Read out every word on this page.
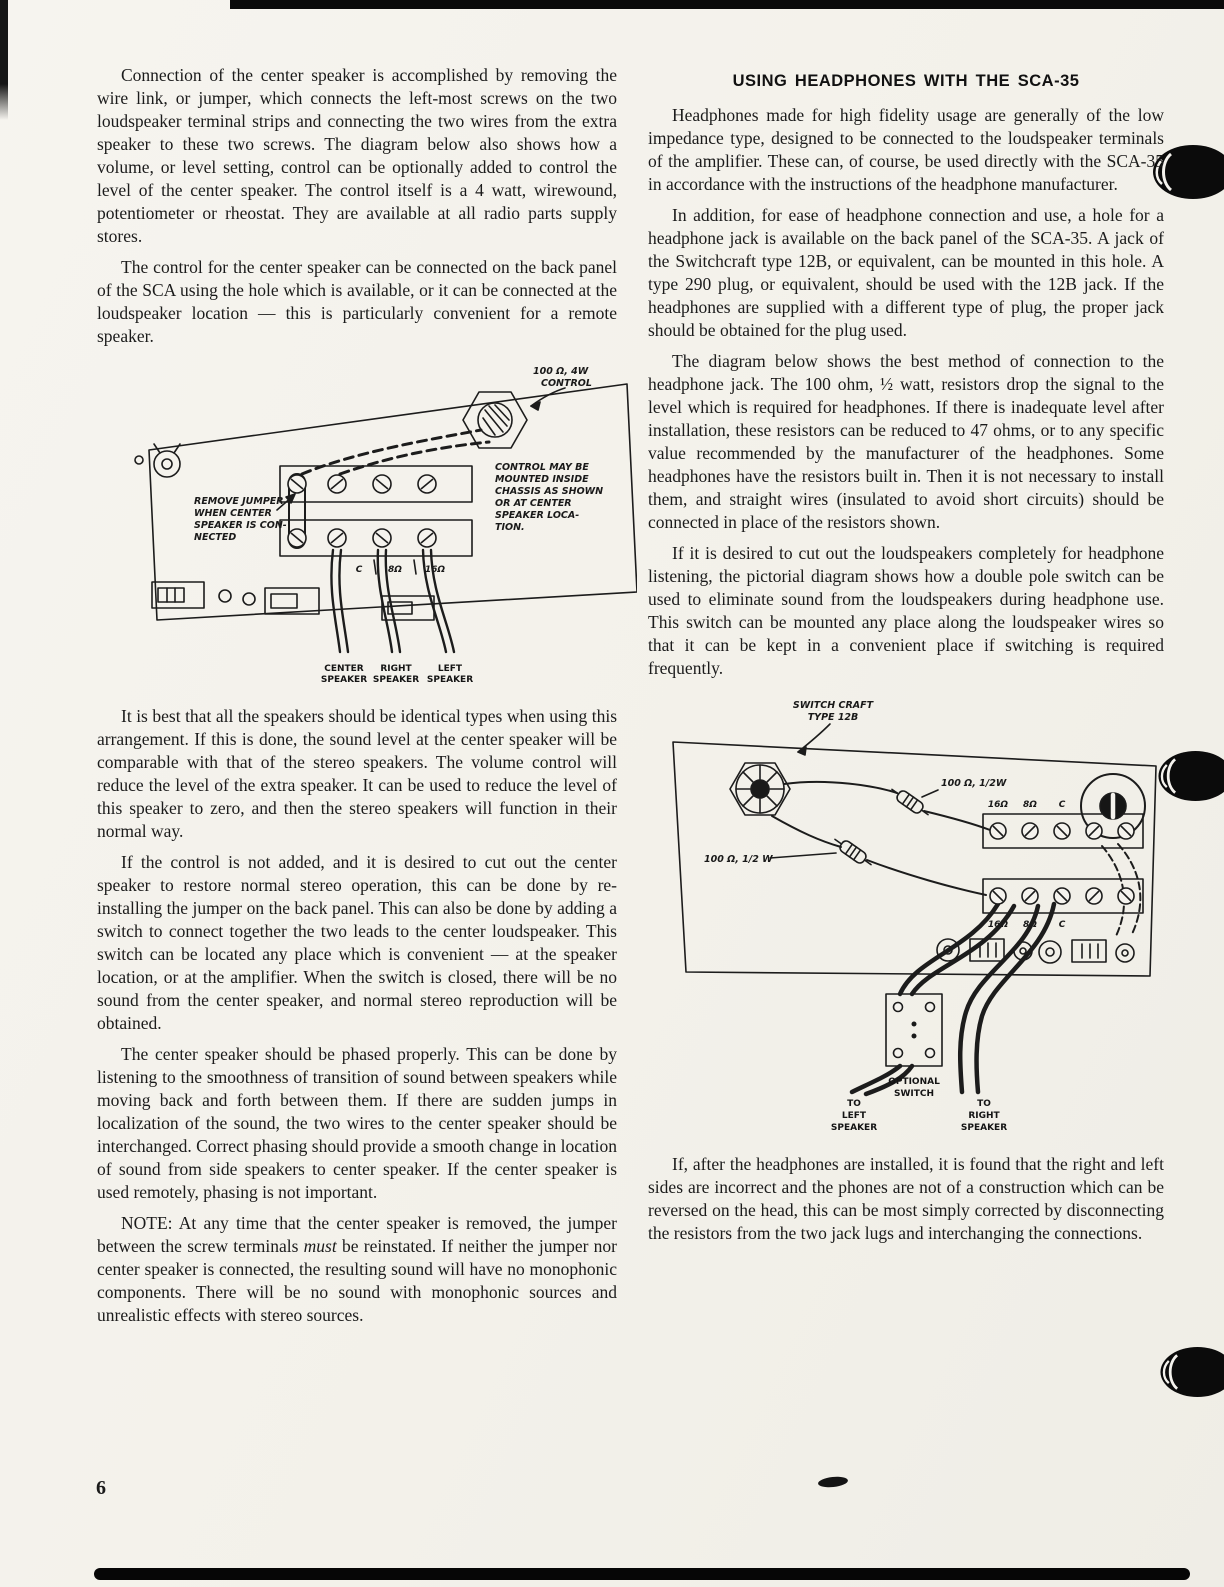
Connection of the center speaker is accomplished by removing the wire link, or jumper, which connects the left-most screws on the two loudspeaker terminal strips and connecting the two wires from the extra speaker to these two screws. The diagram below also shows how a volume, or level setting, control can be optionally added to control the level of the center speaker. The control itself is a 4 watt, wirewound, potentiometer or rheostat. They are available at all radio parts supply stores.

The control for the center speaker can be connected on the back panel of the SCA using the hole which is available, or it can be connected at the loudspeaker location — this is particularly convenient for a remote speaker.

100 Ω, 4W
CONTROL
REMOVE JUMPER
WHEN CENTER
SPEAKER IS CON-
NECTED
CONTROL MAY BE
MOUNTED INSIDE
CHASSIS AS SHOWN
OR AT CENTER
SPEAKER LOCA-
TION.
C	8Ω	16Ω
CENTER
SPEAKER
RIGHT
SPEAKER
LEFT
SPEAKER

It is best that all the speakers should be identical types when using this arrangement. If this is done, the sound level at the center speaker will be comparable with that of the stereo speakers. The volume control will reduce the level of the extra speaker. It can be used to reduce the level of this speaker to zero, and then the stereo speakers will function in their normal way.

If the control is not added, and it is desired to cut out the center speaker to restore normal stereo operation, this can be done by re-installing the jumper on the back panel. This can also be done by adding a switch to connect together the two leads to the center loudspeaker. This switch can be located any place which is convenient — at the speaker location, or at the amplifier. When the switch is closed, there will be no sound from the center speaker, and normal stereo reproduction will be obtained.

The center speaker should be phased properly. This can be done by listening to the smoothness of transition of sound between speakers while moving back and forth between them. If there are sudden jumps in localization of the sound, the two wires to the center speaker should be interchanged. Correct phasing should provide a smooth change in location of sound from side speakers to center speaker. If the center speaker is used remotely, phasing is not important.

NOTE: At any time that the center speaker is removed, the jumper between the screw terminals must be reinstated. If neither the jumper nor center speaker is connected, the resulting sound will have no monophonic components. There will be no sound with monophonic sources and unrealistic effects with stereo sources.

USING HEADPHONES WITH THE SCA-35

Headphones made for high fidelity usage are generally of the low impedance type, designed to be connected to the loudspeaker terminals of the amplifier. These can, of course, be used directly with the SCA-35 in accordance with the instructions of the headphone manufacturer.

In addition, for ease of headphone connection and use, a hole for a headphone jack is available on the back panel of the SCA-35. A jack of the Switchcraft type 12B, or equivalent, can be mounted in this hole. A type 290 plug, or equivalent, should be used with the 12B jack. If the headphones are supplied with a different type of plug, the proper jack should be obtained for the plug used.

The diagram below shows the best method of connection to the headphone jack. The 100 ohm, ½ watt, resistors drop the signal to the level which is required for headphones. If there is inadequate level after installation, these resistors can be reduced to 47 ohms, or to any specific value recommended by the manufacturer of the headphones. Some headphones have the resistors built in. Then it is not necessary to install them, and straight wires (insulated to avoid short circuits) should be connected in place of the resistors shown.

If it is desired to cut out the loudspeakers completely for headphone listening, the pictorial diagram shows how a double pole switch can be used to eliminate sound from the loudspeakers during headphone use. This switch can be mounted any place along the loudspeaker wires so that it can be kept in a convenient place if switching is required frequently.

SWITCH CRAFT
TYPE 12B
100 Ω, 1/2W
100 Ω, 1/2 W
16Ω 8Ω C
16Ω 8Ω C
OPTIONAL
SWITCH
TO
LEFT
SPEAKER
TO
RIGHT
SPEAKER

If, after the headphones are installed, it is found that the right and left sides are incorrect and the phones are not of a construction which can be reversed on the head, this can be most simply corrected by disconnecting the resistors from the two jack lugs and interchanging the connections.

6
